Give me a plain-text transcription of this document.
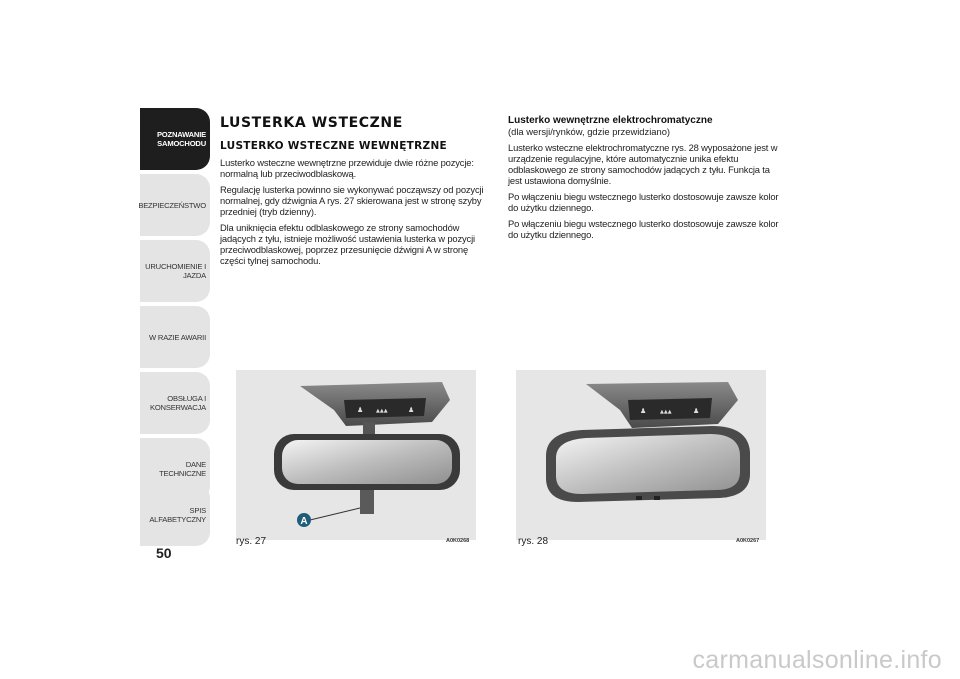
POZNAWANIE
SAMOCHODU
BEZPIECZEŃSTWO
URUCHOMIENIE I
JAZDA
W RAZIE AWARII
OBSŁUGA I
KONSERWACJA
DANE TECHNICZNE
SPIS ALFABETYCZNY
50
LUSTERKA WSTECZNE
LUSTERKO WSTECZNE WEWNĘTRZNE

Lusterko wsteczne wewnętrzne przewiduje dwie różne pozycje: normalną lub przeciwodblaskową.

Regulację lusterka powinno sie wykonywać począwszy od pozycji normalnej, gdy dźwignia A rys. 27 skierowana jest w stronę szyby przedniej (tryb dzienny).

Dla uniknięcia efektu odblaskowego ze strony samochodów jadących z tyłu, istnieje możliwość ustawienia lusterka w pozycji przeciwodblaskowej, poprzez przesunięcie dźwigni A w stronę części tylnej samochodu.

Lusterko wewnętrzne elektrochromatyczne
(dla wersji/rynków, gdzie przewidziano)

Lusterko wsteczne elektrochromatyczne rys. 28 wyposażone jest w urządzenie regulacyjne, które automatycznie unika efektu odblaskowego ze strony samochodów jadących z tyłu. Funkcja ta jest ustawiona domyślnie.

Po włączeniu biegu wstecznego lusterko dostosowuje zawsze kolor do użytku dziennego.

Po włączeniu biegu wstecznego lusterko dostosowuje zawsze kolor do użytku dziennego.

♟	▲▲▲	♟
A
rys. 27	A0K0268
♟	▲▲▲	♟
rys. 28	A0K0267
carmanualsonline.info
